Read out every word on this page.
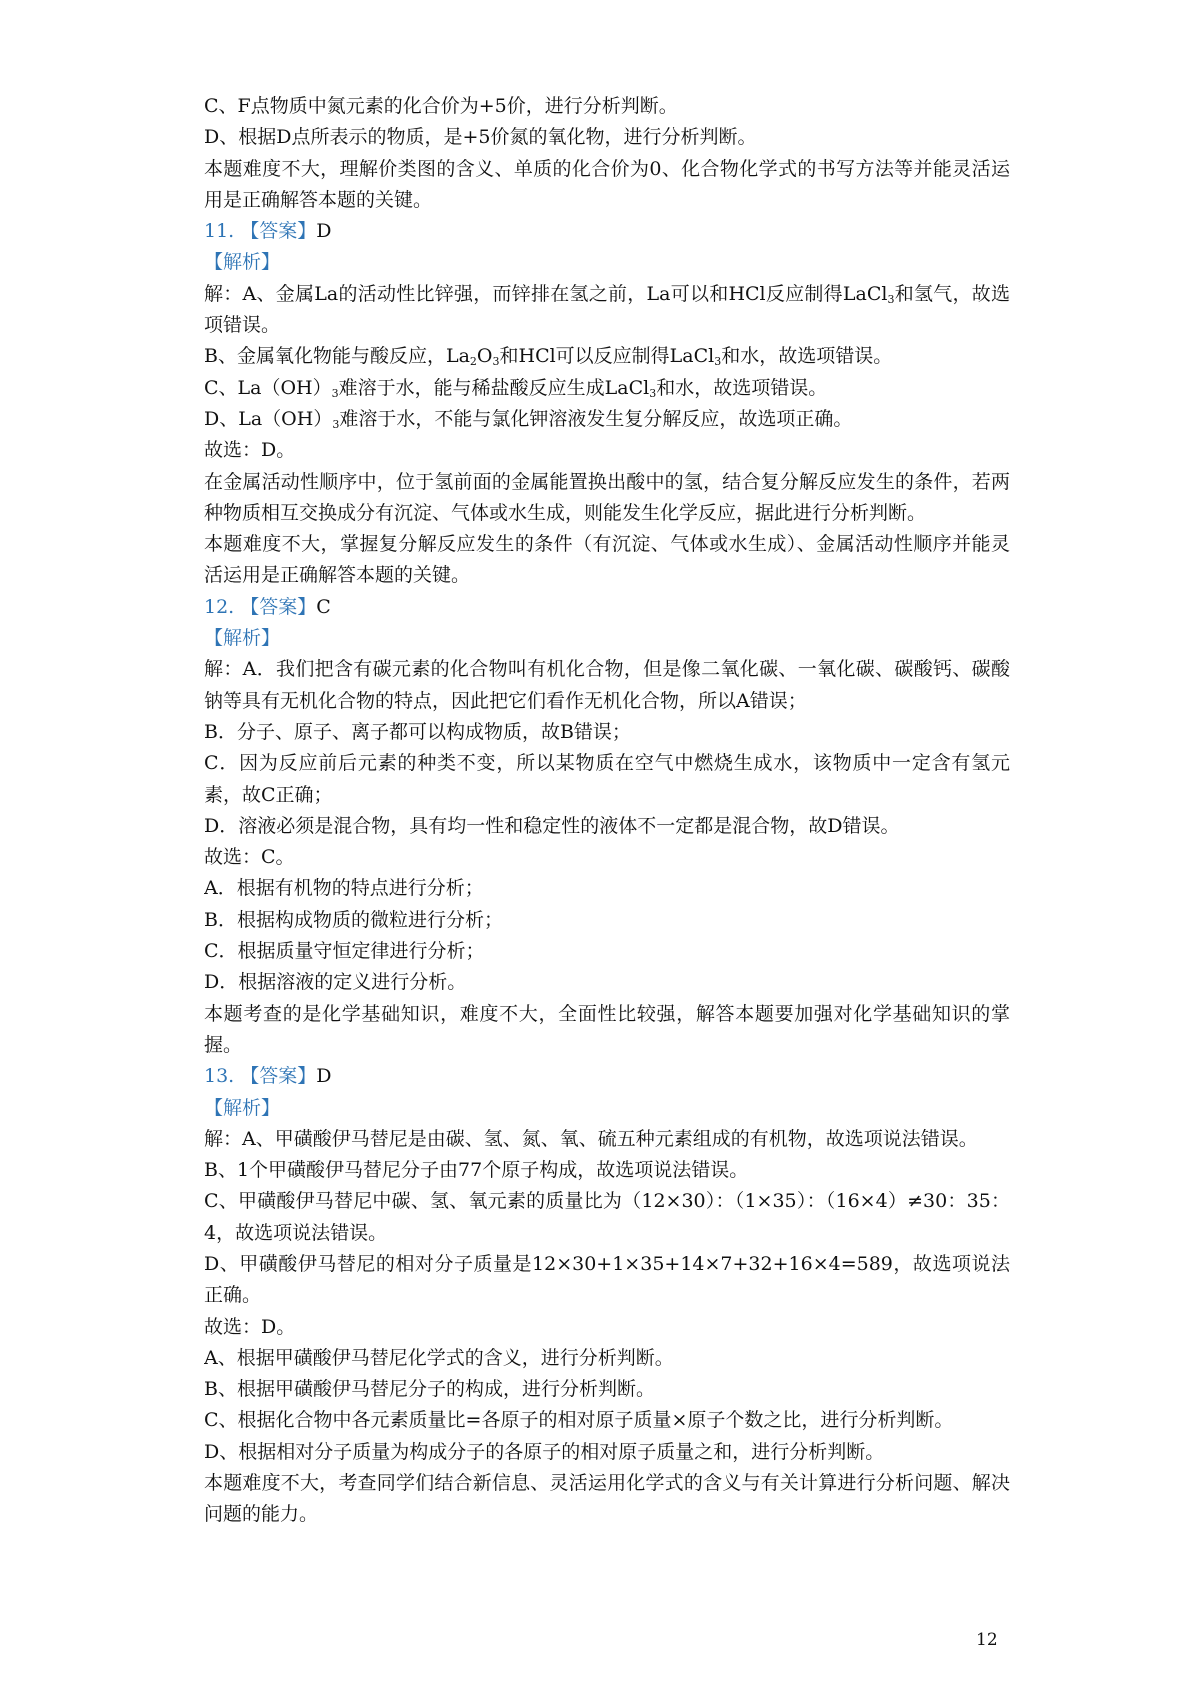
C、F点物质中氮元素的化合价为+5价，进行分析判断。
D、根据D点所表示的物质，是+5价氮的氧化物，进行分析判断。
本题难度不大，理解价类图的含义、单质的化合价为0、化合物化学式的书写方法等并能灵活运用是正确解答本题的关键。
11. 【答案】D
【解析】
解：A、金属La的活动性比锌强，而锌排在氢之前，La可以和HCl反应制得LaCl$_3$和氢气，故选项错误。
B、金属氧化物能与酸反应，$La_2O_3$和HCl可以反应制得LaCl$_3$和水，故选项错误。
C、$La(OH)_3$难溶于水，能与稀盐酸反应生成LaCl$_3$和水，故选项错误。
D、$La(OH)_3$难溶于水，不能与氯化钾溶液发生复分解反应，故选项正确。
故选：D。
在金属活动性顺序中，位于氢前面的金属能置换出酸中的氢，结合复分解反应发生的条件，若两种物质相互交换成分有沉淀、气体或水生成，则能发生化学反应，据此进行分析判断。
本题难度不大，掌握复分解反应发生的条件（有沉淀、气体或水生成）、金属活动性顺序并能灵活运用是正确解答本题的关键。
12. 【答案】C
【解析】
解：A．我们把含有碳元素的化合物叫有机化合物，但是像二氧化碳、一氧化碳、碳酸钙、碳酸钠等具有无机化合物的特点，因此把它们看作无机化合物，所以A错误；
B．分子、原子、离子都可以构成物质，故B错误；
C．因为反应前后元素的种类不变，所以某物质在空气中燃烧生成水，该物质中一定含有氢元素，故C正确；
D．溶液必须是混合物，具有均一性和稳定性的液体不一定都是混合物，故D错误。
故选：C。
A．根据有机物的特点进行分析；
B．根据构成物质的微粒进行分析；
C．根据质量守恒定律进行分析；
D．根据溶液的定义进行分析。
本题考查的是化学基础知识，难度不大，全面性比较强，解答本题要加强对化学基础知识的掌握。
13. 【答案】D
【解析】
解：A、甲磺酸伊马替尼是由碳、氢、氮、氧、硫五种元素组成的有机物，故选项说法错误。
B、1个甲磺酸伊马替尼分子由77个原子构成，故选项说法错误。
C、甲磺酸伊马替尼中碳、氢、氧元素的质量比为（12×30）：（1×35）：（16×4）≠30：35：4，故选项说法错误。
D、甲磺酸伊马替尼的相对分子质量是12×30+1×35+14×7+32+16×4=589，故选项说法正确。
故选：D。
A、根据甲磺酸伊马替尼化学式的含义，进行分析判断。
B、根据甲磺酸伊马替尼分子的构成，进行分析判断。
C、根据化合物中各元素质量比=各原子的相对原子质量×原子个数之比，进行分析判断。
D、根据相对分子质量为构成分子的各原子的相对原子质量之和，进行分析判断。
本题难度不大，考查同学们结合新信息、灵活运用化学式的含义与有关计算进行分析问题、解决问题的能力。
12
